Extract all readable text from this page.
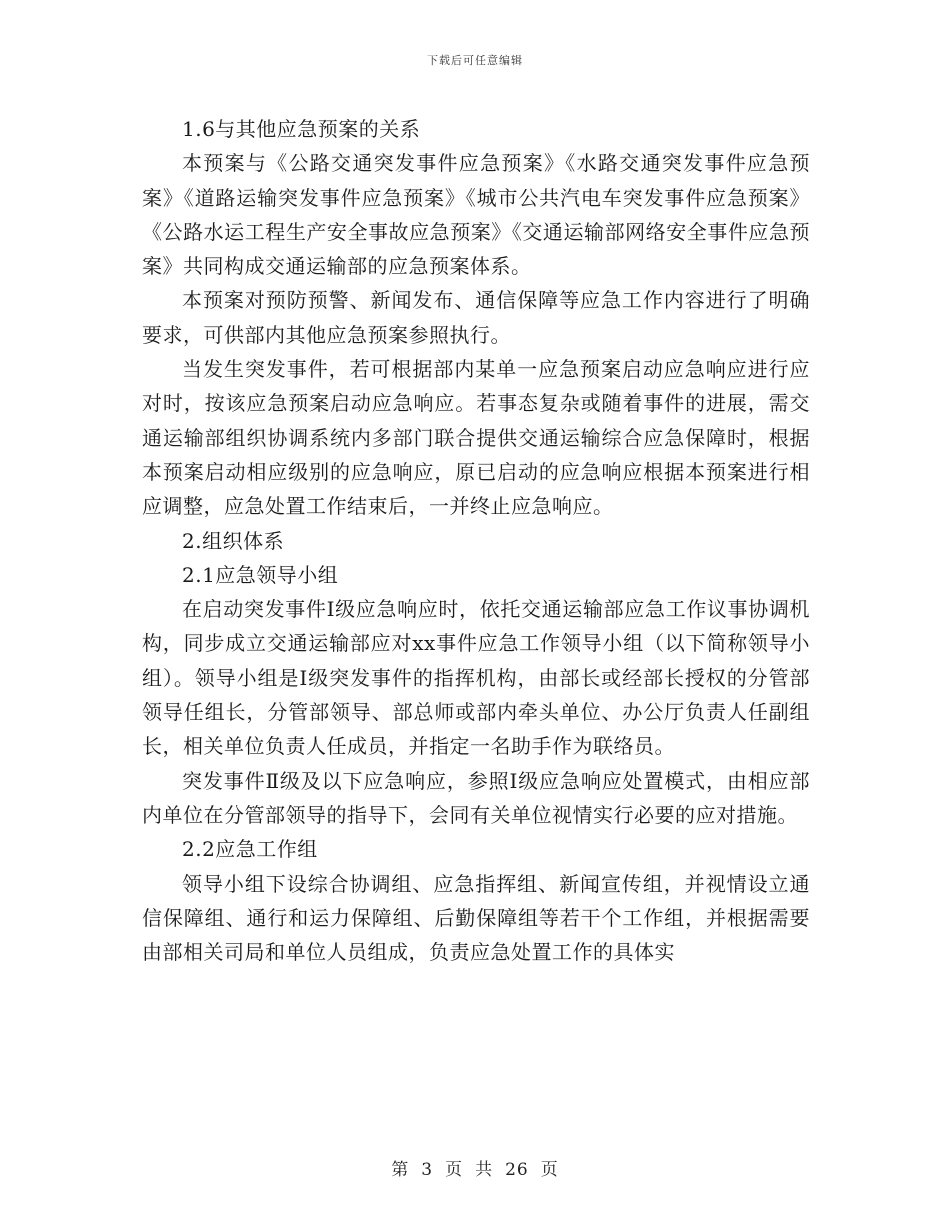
下载后可任意编辑

1.6与其他应急预案的关系

本预案与《公路交通突发事件应急预案》《水路交通突发事件应急预案》《道路运输突发事件应急预案》《城市公共汽电车突发事件应急预案》《公路水运工程生产安全事故应急预案》《交通运输部网络安全事件应急预案》共同构成交通运输部的应急预案体系。

本预案对预防预警、新闻发布、通信保障等应急工作内容进行了明确要求，可供部内其他应急预案参照执行。

当发生突发事件，若可根据部内某单一应急预案启动应急响应进行应对时，按该应急预案启动应急响应。若事态复杂或随着事件的进展，需交通运输部组织协调系统内多部门联合提供交通运输综合应急保障时，根据本预案启动相应级别的应急响应，原已启动的应急响应根据本预案进行相应调整，应急处置工作结束后，一并终止应急响应。

2.组织体系

2.1应急领导小组

在启动突发事件Ⅰ级应急响应时，依托交通运输部应急工作议事协调机构，同步成立交通运输部应对xx事件应急工作领导小组（以下简称领导小组）。领导小组是Ⅰ级突发事件的指挥机构，由部长或经部长授权的分管部领导任组长，分管部领导、部总师或部内牵头单位、办公厅负责人任副组长，相关单位负责人任成员，并指定一名助手作为联络员。

突发事件Ⅱ级及以下应急响应，参照Ⅰ级应急响应处置模式，由相应部内单位在分管部领导的指导下，会同有关单位视情实行必要的应对措施。

2.2应急工作组

领导小组下设综合协调组、应急指挥组、新闻宣传组，并视情设立通信保障组、通行和运力保障组、后勤保障组等若干个工作组，并根据需要由部相关司局和单位人员组成，负责应急处置工作的具体实

第 3 页 共 26 页
